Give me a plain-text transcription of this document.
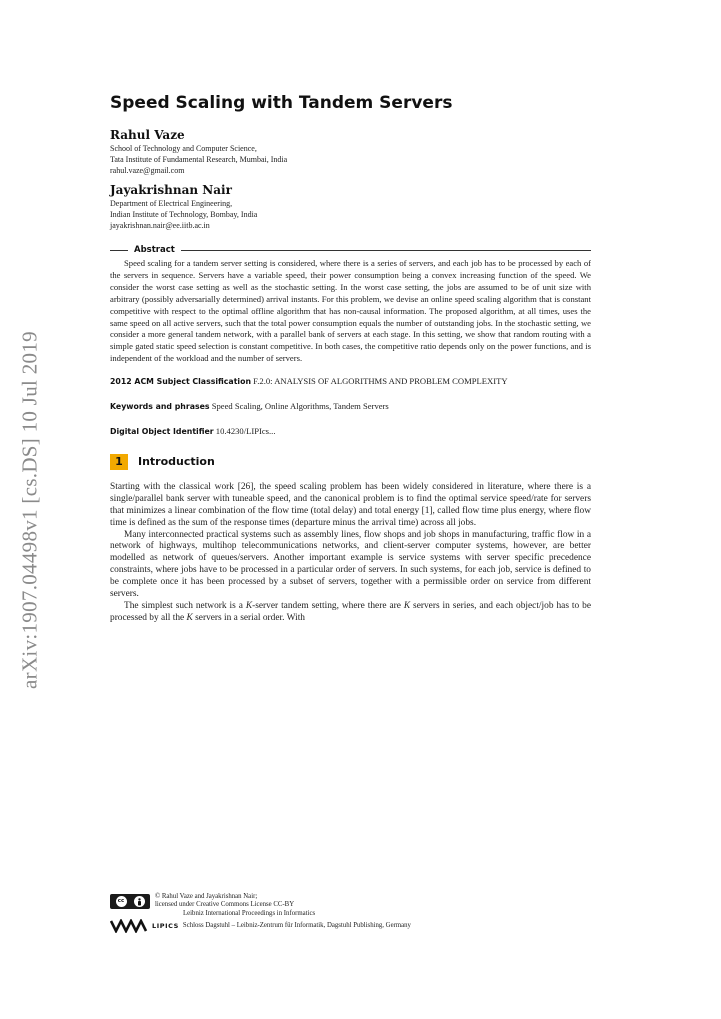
arXiv:1907.04498v1 [cs.DS] 10 Jul 2019
Speed Scaling with Tandem Servers
Rahul Vaze
School of Technology and Computer Science,
Tata Institute of Fundamental Research, Mumbai, India
rahul.vaze@gmail.com
Jayakrishnan Nair
Department of Electrical Engineering,
Indian Institute of Technology, Bombay, India
jayakrishnan.nair@ee.iitb.ac.in
Abstract
Speed scaling for a tandem server setting is considered, where there is a series of servers, and each job has to be processed by each of the servers in sequence. Servers have a variable speed, their power consumption being a convex increasing function of the speed. We consider the worst case setting as well as the stochastic setting. In the worst case setting, the jobs are assumed to be of unit size with arbitrary (possibly adversarially determined) arrival instants. For this problem, we devise an online speed scaling algorithm that is constant competitive with respect to the optimal offline algorithm that has non-causal information. The proposed algorithm, at all times, uses the same speed on all active servers, such that the total power consumption equals the number of outstanding jobs. In the stochastic setting, we consider a more general tandem network, with a parallel bank of servers at each stage. In this setting, we show that random routing with a simple gated static speed selection is constant competitive. In both cases, the competitive ratio depends only on the power functions, and is independent of the workload and the number of servers.
2012 ACM Subject Classification F.2.0: ANALYSIS OF ALGORITHMS AND PROBLEM COMPLEXITY
Keywords and phrases Speed Scaling, Online Algorithms, Tandem Servers
Digital Object Identifier 10.4230/LIPIcs...
1	Introduction

Starting with the classical work [26], the speed scaling problem has been widely considered in literature, where there is a single/parallel bank server with tuneable speed, and the canonical problem is to find the optimal service speed/rate for servers that minimizes a linear combination of the flow time (total delay) and total energy [1], called flow time plus energy, where flow time is defined as the sum of the response times (departure minus the arrival time) across all jobs.

Many interconnected practical systems such as assembly lines, flow shops and job shops in manufacturing, traffic flow in a network of highways, multihop telecommunications networks, and client-server computer systems, however, are better modelled as network of queues/servers. Another important example is service systems with server specific precedence constraints, where jobs have to be processed in a particular order of servers. In such systems, for each job, service is defined to be complete once it has been processed by a subset of servers, together with a permissible order on service from different servers.

The simplest such network is a K-server tandem setting, where there are K servers in series, and each object/job has to be processed by all the K servers in a serial order. With

cc
© Rahul Vaze and Jayakrishnan Nair;
licensed under Creative Commons License CC-BY
Leibniz International Proceedings in Informatics
LIPICS Schloss Dagstuhl – Leibniz-Zentrum für Informatik, Dagstuhl Publishing, Germany
